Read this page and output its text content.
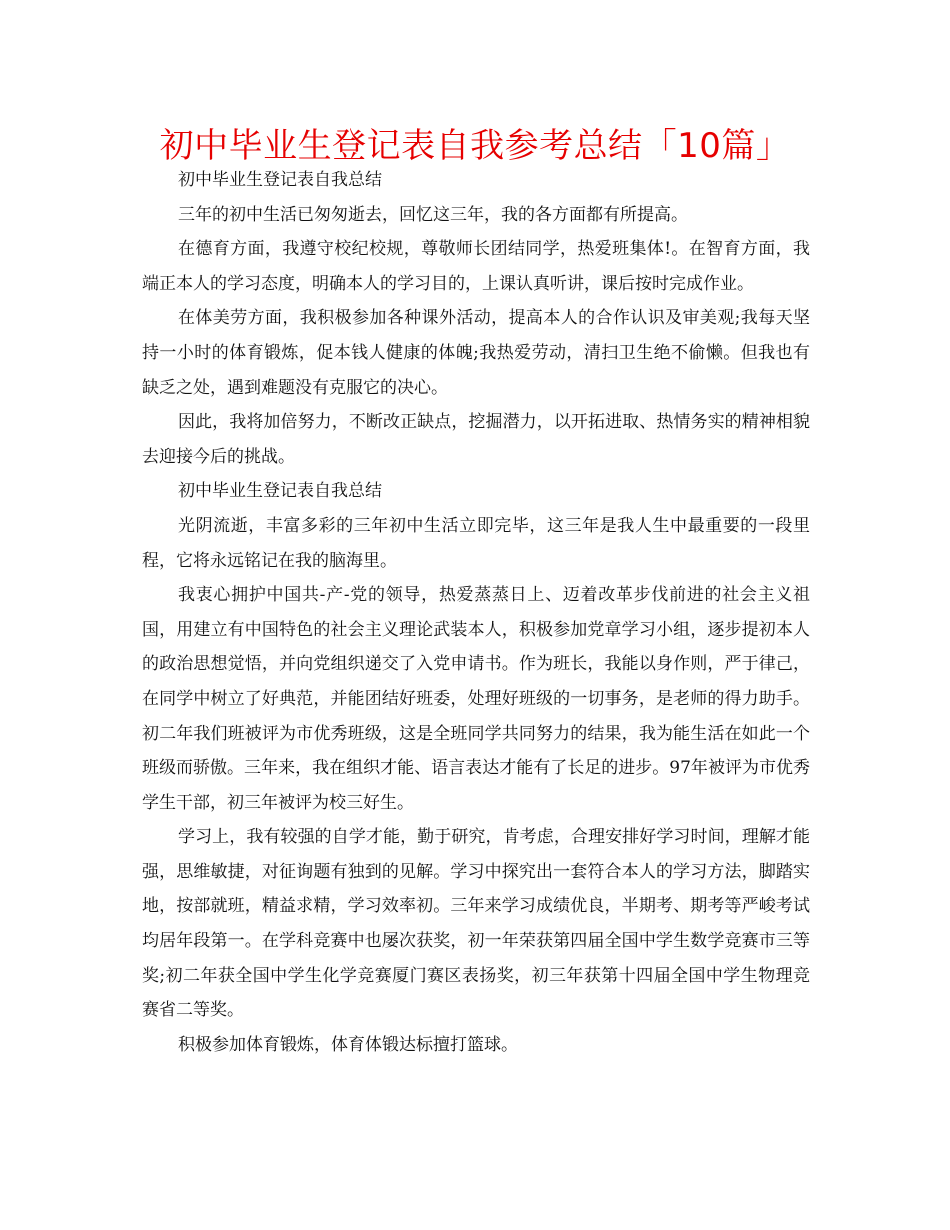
初中毕业生登记表自我参考总结「10篇」

初中毕业生登记表自我总结

三年的初中生活已匆匆逝去，回忆这三年，我的各方面都有所提高。

在德育方面，我遵守校纪校规，尊敬师长团结同学，热爱班集体!。在智育方面，我端正本人的学习态度，明确本人的学习目的，上课认真听讲，课后按时完成作业。

在体美劳方面，我积极参加各种课外活动，提高本人的合作认识及审美观;我每天坚持一小时的体育锻炼，促本钱人健康的体魄;我热爱劳动，清扫卫生绝不偷懒。但我也有缺乏之处，遇到难题没有克服它的决心。

因此，我将加倍努力，不断改正缺点，挖掘潜力，以开拓进取、热情务实的精神相貌去迎接今后的挑战。

初中毕业生登记表自我总结

光阴流逝，丰富多彩的三年初中生活立即完毕，这三年是我人生中最重要的一段里程，它将永远铭记在我的脑海里。

我衷心拥护中国共-产-党的领导，热爱蒸蒸日上、迈着改革步伐前进的社会主义祖国，用建立有中国特色的社会主义理论武装本人，积极参加党章学习小组，逐步提初本人的政治思想觉悟，并向党组织递交了入党申请书。作为班长，我能以身作则，严于律己，在同学中树立了好典范，并能团结好班委，处理好班级的一切事务，是老师的得力助手。初二年我们班被评为市优秀班级，这是全班同学共同努力的结果，我为能生活在如此一个班级而骄傲。三年来，我在组织才能、语言表达才能有了长足的进步。97年被评为市优秀学生干部，初三年被评为校三好生。

学习上，我有较强的自学才能，勤于研究，肯考虑，合理安排好学习时间，理解才能强，思维敏捷，对征询题有独到的见解。学习中探究出一套符合本人的学习方法，脚踏实地，按部就班，精益求精，学习效率初。三年来学习成绩优良，半期考、期考等严峻考试均居年段第一。在学科竞赛中也屡次获奖，初一年荣获第四届全国中学生数学竞赛市三等奖;初二年获全国中学生化学竞赛厦门赛区表扬奖，初三年获第十四届全国中学生物理竞赛省二等奖。

积极参加体育锻炼，体育体锻达标擅打篮球。
